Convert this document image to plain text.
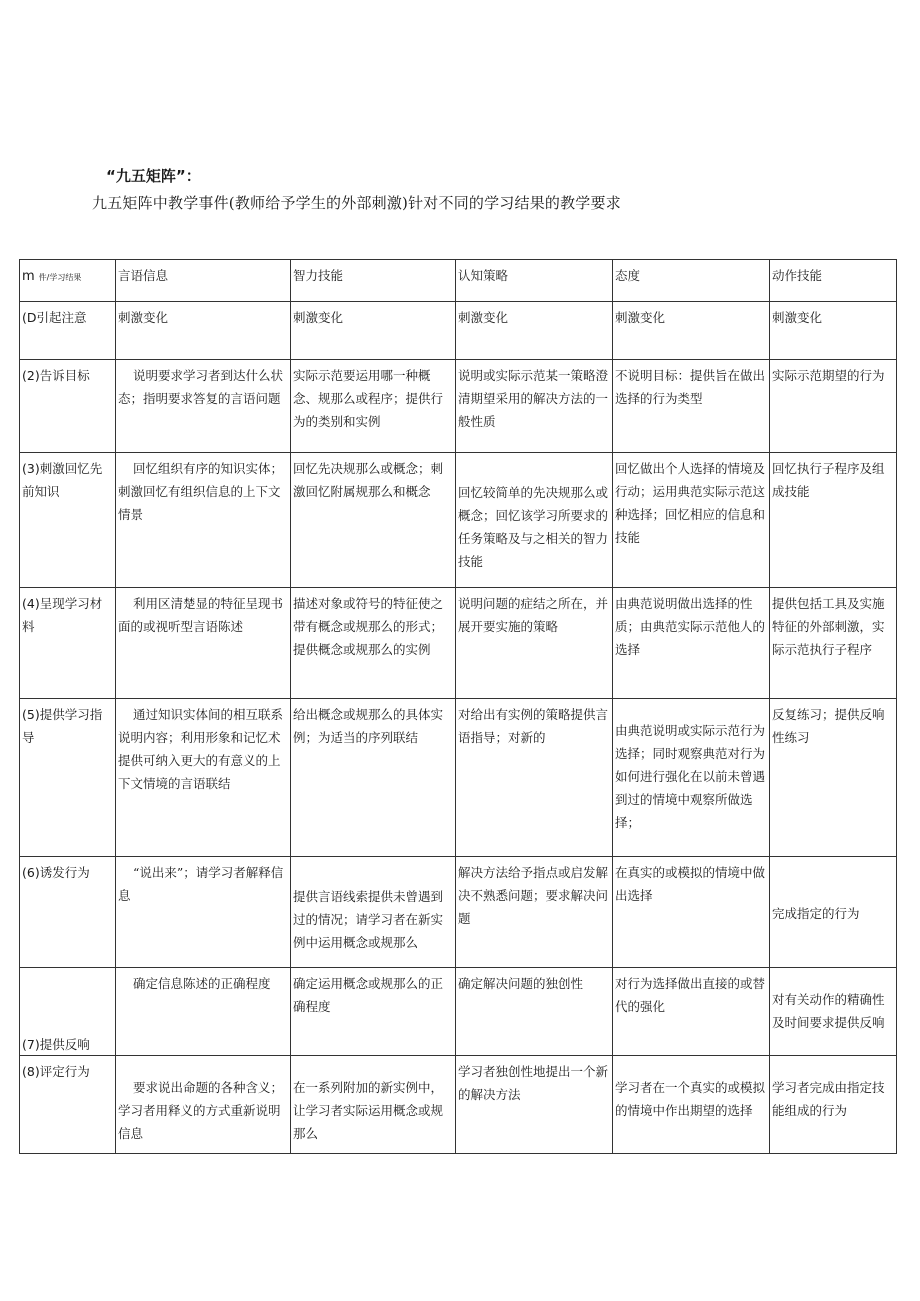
“九五矩阵”：
九五矩阵中教学事件(教师给予学生的外部刺激)针对不同的学习结果的教学要求
m 件/学习结果	言语信息	智力技能	认知策略	态度	动作技能
(D引起注意	刺激变化	刺激变化	刺激变化	刺激变化	刺激变化
(2)告诉目标	说明要求学习者到达什么状态；指明要求答复的言语问题	实际示范要运用哪一种概念、规那么或程序；提供行为的类别和实例	说明或实际示范某一策略澄清期望采用的解决方法的一般性质	不说明目标：提供旨在做出选择的行为类型	实际示范期望的行为
(3)刺激回忆先前知识	回忆组织有序的知识实体；刺激回忆有组织信息的上下文情景	回忆先决规那么或概念；刺激回忆附属规那么和概念	回忆较简单的先决规那么或概念；回忆该学习所要求的任务策略及与之相关的智力技能	回忆做出个人选择的情境及行动；运用典范实际示范这种选择；回忆相应的信息和技能	回忆执行子程序及组成技能
(4)呈现学习材料	利用区清楚显的特征呈现书面的或视听型言语陈述	描述对象或符号的特征使之带有概念或规那么的形式；提供概念或规那么的实例	说明问题的症结之所在，并展开要实施的策略	由典范说明做出选择的性质；由典范实际示范他人的选择	提供包括工具及实施特征的外部刺激，实际示范执行子程序
(5)提供学习指导	通过知识实体间的相互联系说明内容；利用形象和记忆术提供可纳入更大的有意义的上下文情境的言语联结	给出概念或规那么的具体实例；为适当的序列联结	对给出有实例的策略提供言语指导；对新的	由典范说明或实际示范行为选择；同时观察典范对行为如何进行强化在以前未曾遇到过的情境中观察所做选择；	反复练习；提供反响性练习
(6)诱发行为	“说出来”；请学习者解释信息	提供言语线索提供未曾遇到过的情况；请学习者在新实例中运用概念或规那么	解决方法给予指点或启发解决不熟悉问题；要求解决问题	在真实的或模拟的情境中做出选择	完成指定的行为
(7)提供反响	确定信息陈述的正确程度	确定运用概念或规那么的正确程度	确定解决问题的独创性	对行为选择做出直接的或替代的强化	对有关动作的精确性及时间要求提供反响
(8)评定行为	要求说出命题的各种含义；学习者用释义的方式重新说明信息	在一系列附加的新实例中，让学习者实际运用概念或规那么	学习者独创性地提出一个新的解决方法	学习者在一个真实的或模拟的情境中作出期望的选择	学习者完成由指定技能组成的行为
